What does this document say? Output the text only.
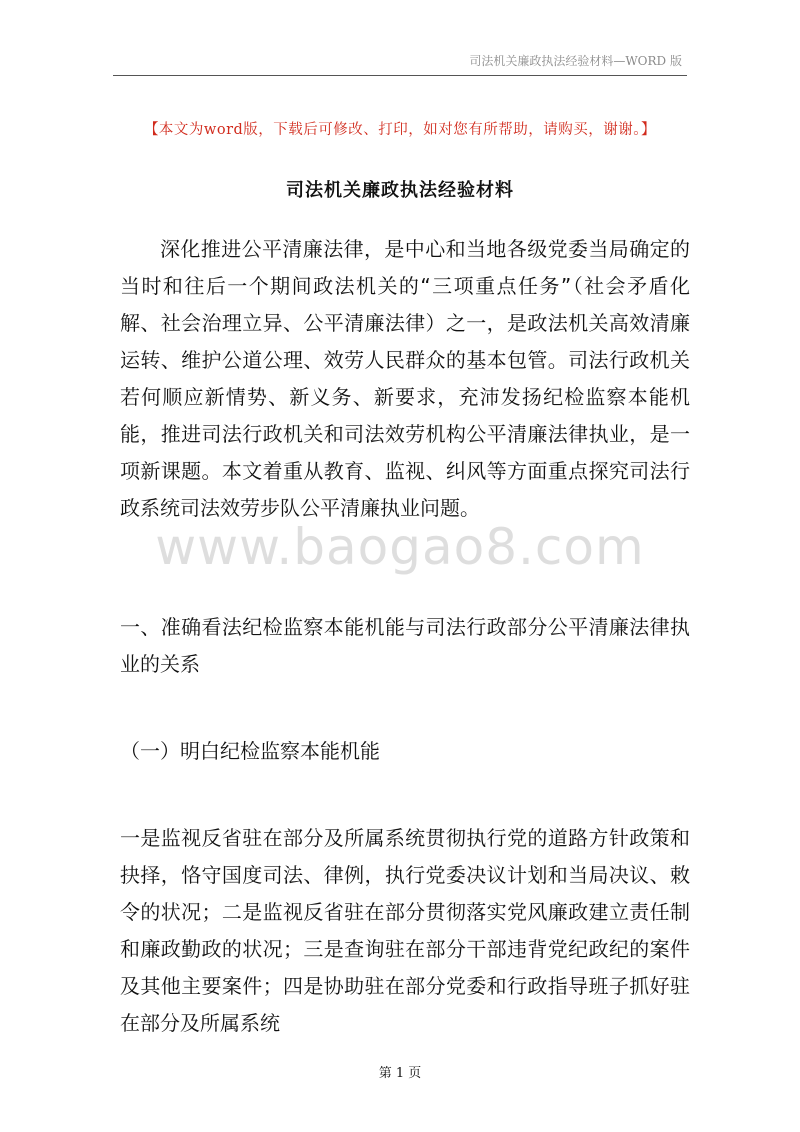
司法机关廉政执法经验材料—WORD 版
【本文为word版，下载后可修改、打印，如对您有所帮助，请购买，谢谢。】
司法机关廉政执法经验材料
深化推进公平清廉法律，是中心和当地各级党委当局确定的当时和往后一个期间政法机关的“三项重点任务”（社会矛盾化解、社会治理立异、公平清廉法律）之一，是政法机关高效清廉运转、维护公道公理、效劳人民群众的基本包管。司法行政机关若何顺应新情势、新义务、新要求，充沛发扬纪检监察本能机能，推进司法行政机关和司法效劳机构公平清廉法律执业，是一项新课题。本文着重从教育、监视、纠风等方面重点探究司法行政系统司法效劳步队公平清廉执业问题。
www.baogao8.com
一、准确看法纪检监察本能机能与司法行政部分公平清廉法律执业的关系
（一）明白纪检监察本能机能
一是监视反省驻在部分及所属系统贯彻执行党的道路方针政策和抉择，恪守国度司法、律例，执行党委决议计划和当局决议、敕令的状况；二是监视反省驻在部分贯彻落实党风廉政建立责任制和廉政勤政的状况；三是查询驻在部分干部违背党纪政纪的案件及其他主要案件；四是协助驻在部分党委和行政指导班子抓好驻在部分及所属系统
第 1 页
